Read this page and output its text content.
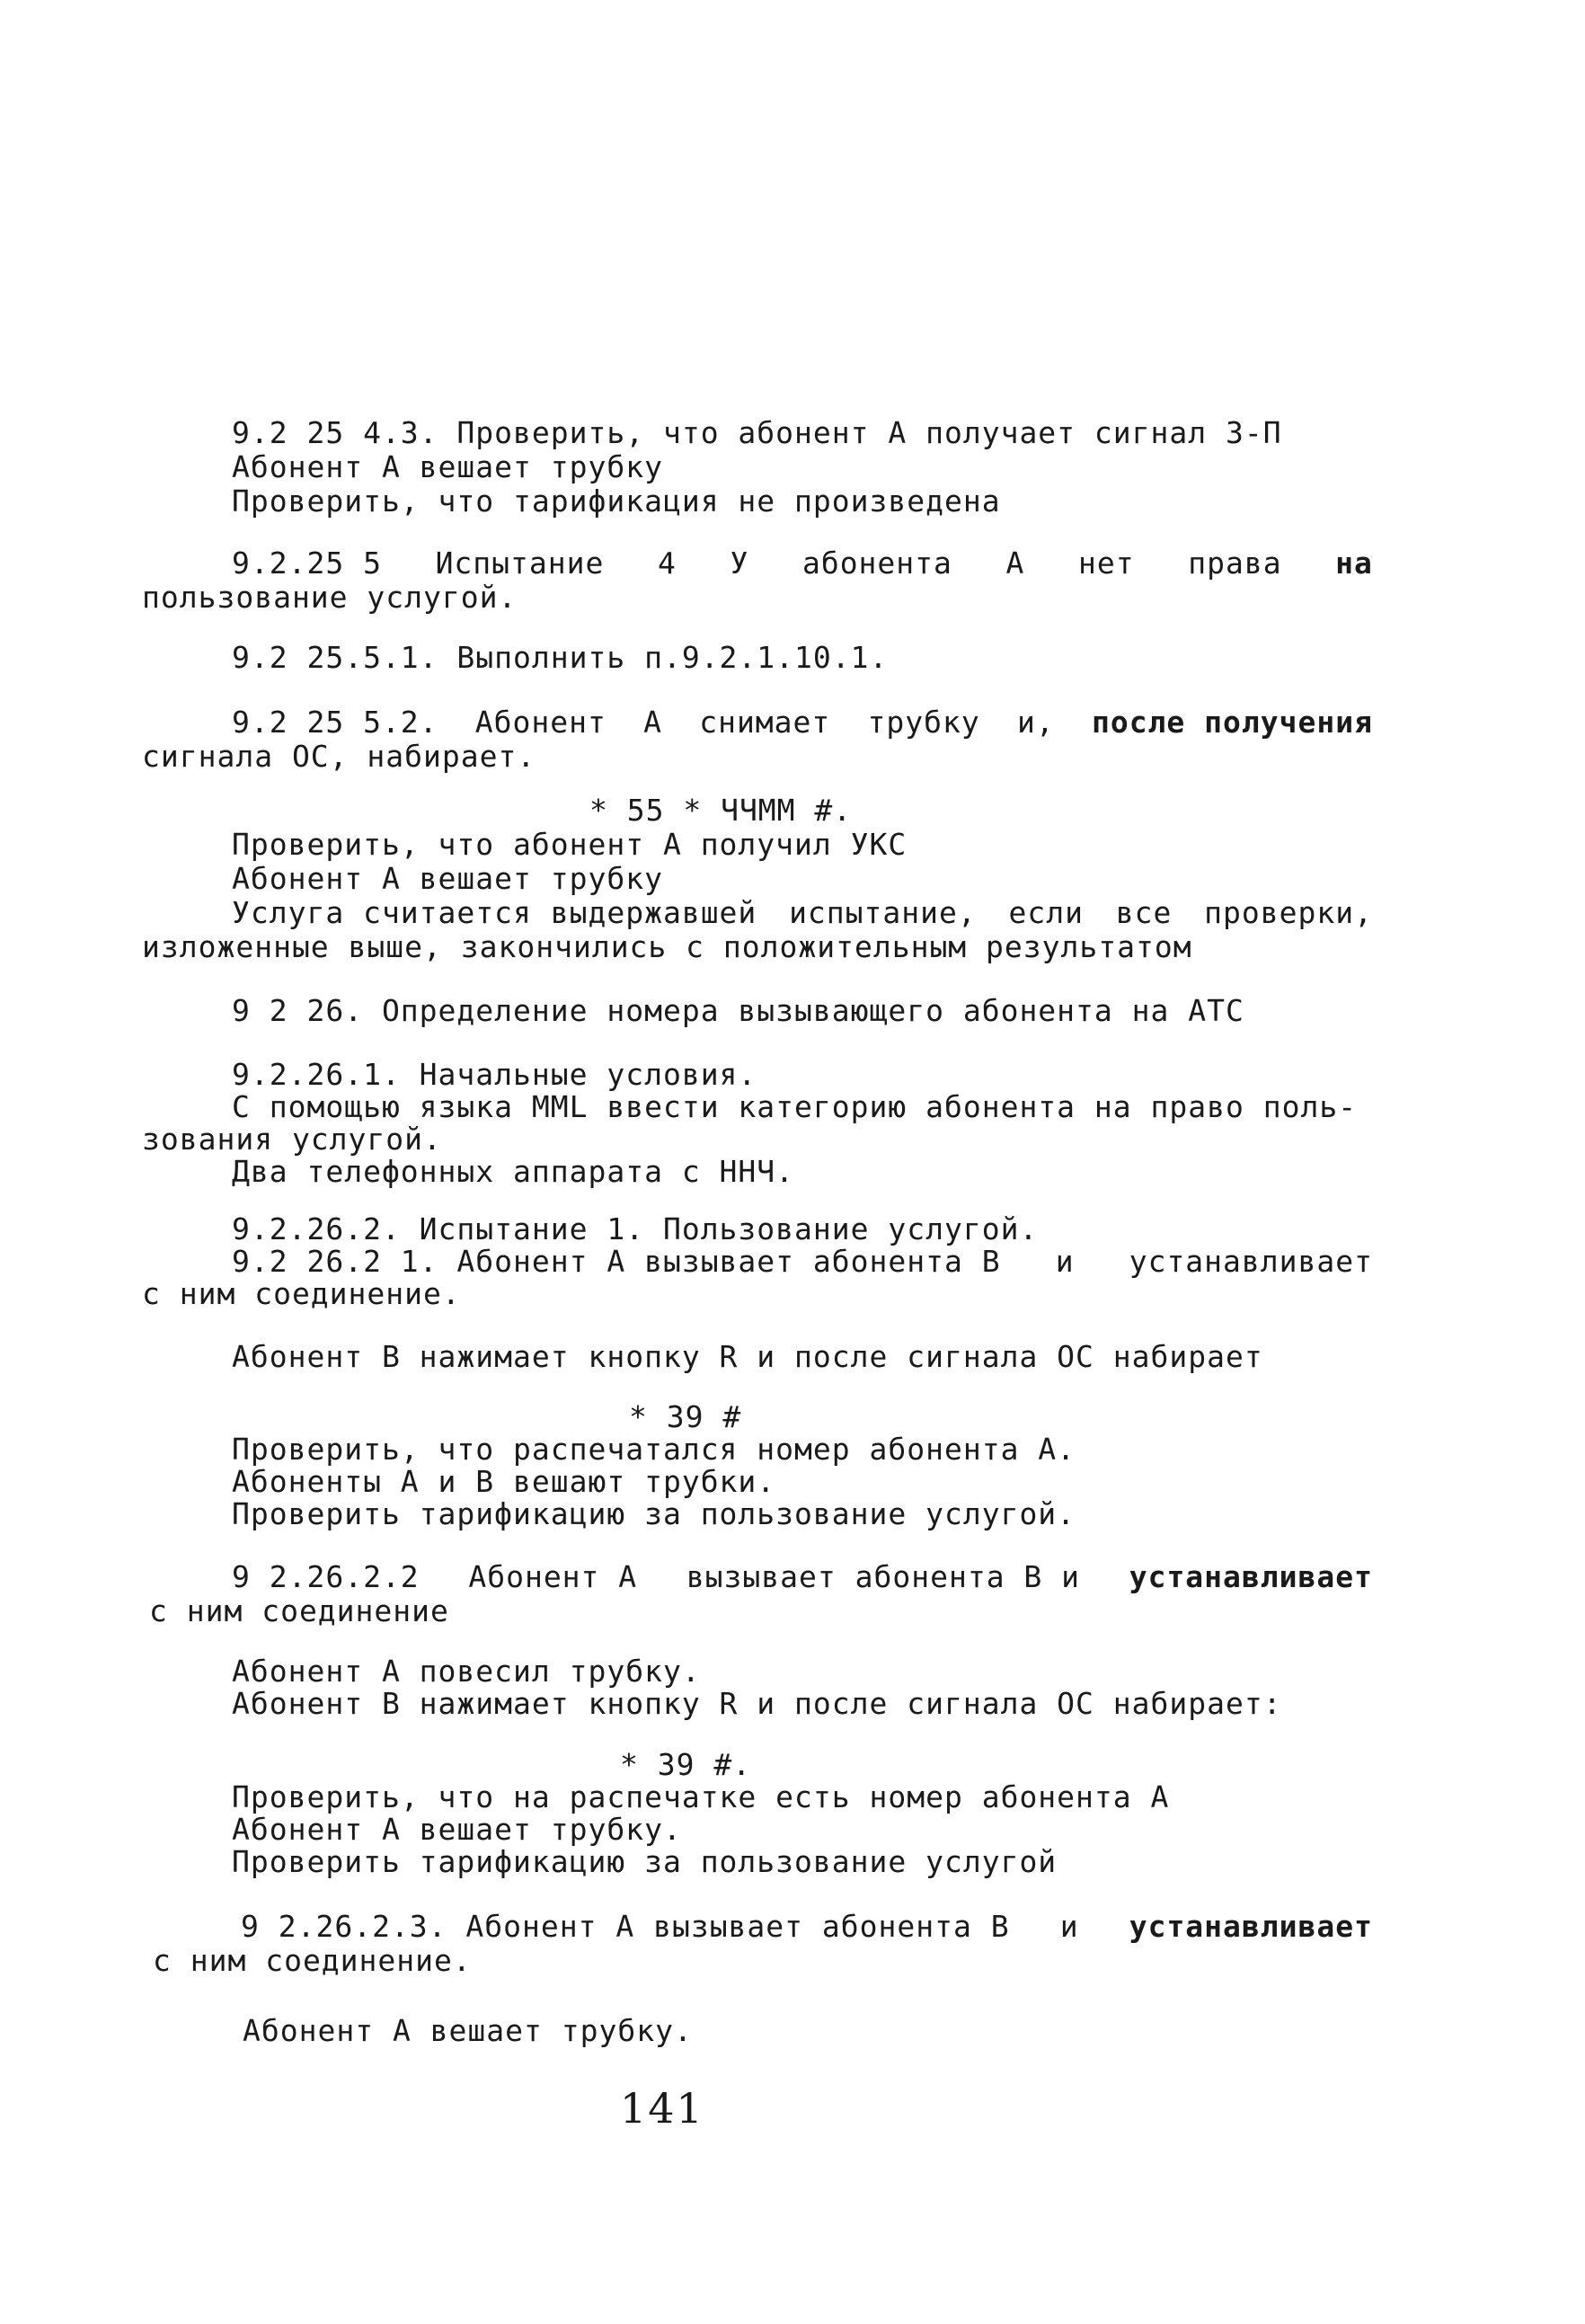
9.2 25 4.3. Проверить, что абонент А получает сигнал 3-П
Абонент А вешает трубку
Проверить, что тарификация не произведена
9.2.25 5 Испытание 4 У абонента А нет права на
пользование услугой.
9.2 25.5.1. Выполнить п.9.2.1.10.1.
9.2 25 5.2. Абонент А снимает трубку и, после получения
сигнала ОС, набирает.
* 55 * ЧЧММ #.
Проверить, что абонент А получил УКС
Абонент А вешает трубку
Услуга считается выдержавшей испытание, если все проверки,
изложенные выше, закончились с положительным результатом
9 2 26. Определение номера вызывающего абонента на АТС
9.2.26.1. Начальные условия.
С помощью языка MML ввести категорию абонента на право поль-
зования услугой.
Два телефонных аппарата с ННЧ.
9.2.26.2. Испытание 1. Пользование услугой.
9.2 26.2 1. Абонент А вызывает абонента В и устанавливает
с ним соединение.
Абонент В нажимает кнопку R и после сигнала ОС набирает
* 39 #
Проверить, что распечатался номер абонента А.
Абоненты А и В вешают трубки.
Проверить тарификацию за пользование услугой.
9 2.26.2.2 Абонент А вызывает абонента В и устанавливает
с ним соединение
Абонент А повесил трубку.
Абонент В нажимает кнопку R и после сигнала ОС набирает:
* 39 #.
Проверить, что на распечатке есть номер абонента А
Абонент А вешает трубку.
Проверить тарификацию за пользование услугой
9 2.26.2.3. Абонент А вызывает абонента В и устанавливает
с ним соединение.
Абонент А вешает трубку.
141
